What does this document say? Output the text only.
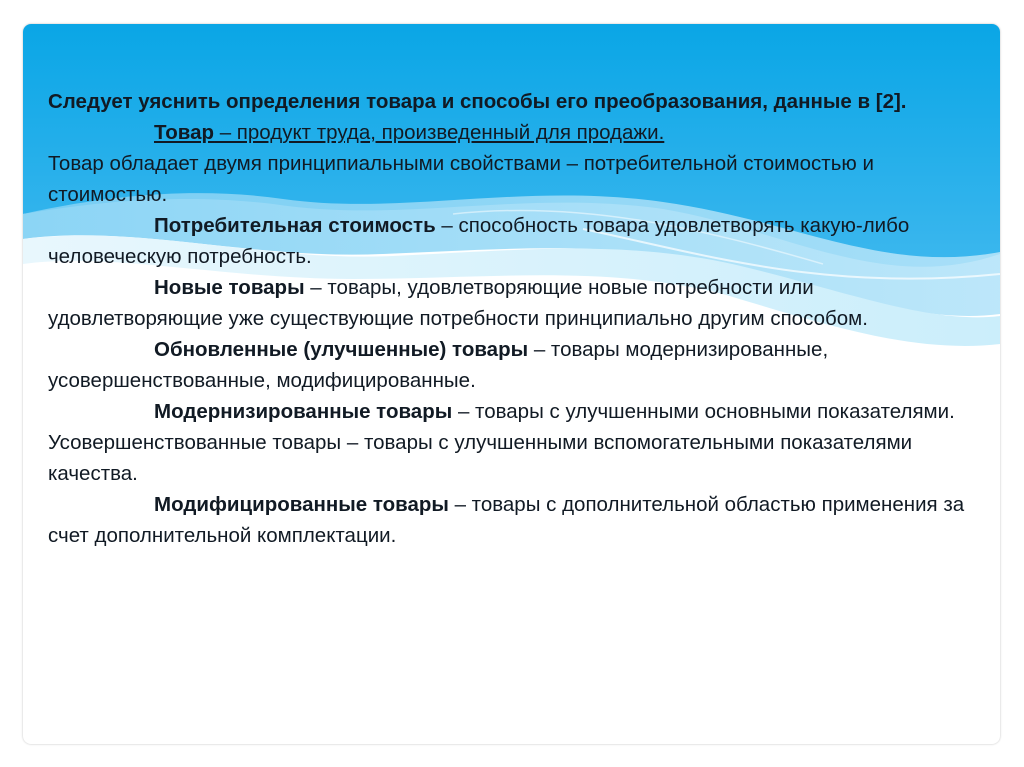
Следует уяснить определения товара и способы его преобразования, данные в [2].

Товар – продукт труда, произведенный для продажи.

Товар обладает двумя принципиальными свойствами – потребительной стоимостью и стоимостью.

Потребительная стоимость – способность товара удовлетворять какую-либо человеческую потребность.

Новые товары – товары, удовлетворяющие новые потребности или удовлетворяющие уже существующие потребности принципиально другим способом.

Обновленные (улучшенные) товары – товары модернизированные, усовершенствованные, модифицированные.

Модернизированные товары – товары с улучшенными основными показателями. Усовершенствованные товары – товары с улучшенными вспомогательными показателями качества.

Модифицированные товары – товары с дополнительной областью применения за счет дополнительной комплектации.
